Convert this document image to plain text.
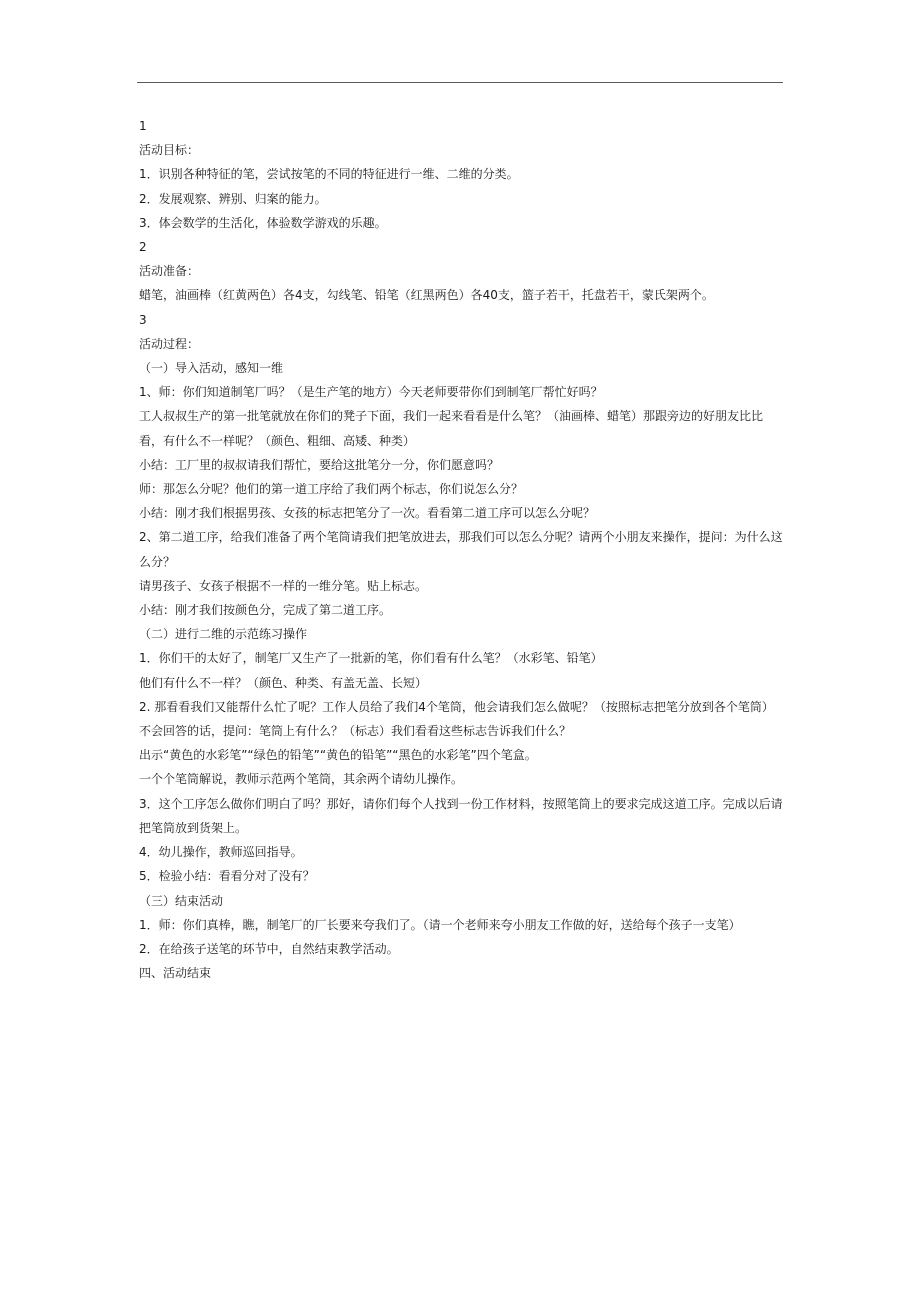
1
活动目标：
1．识别各种特征的笔，尝试按笔的不同的特征进行一维、二维的分类。
2．发展观察、辨别、归案的能力。
3．体会数学的生活化，体验数学游戏的乐趣。
2
活动准备：
蜡笔，油画棒（红黄两色）各4支，勾线笔、铅笔（红黑两色）各40支，篮子若干，托盘若干，蒙氏架两个。
3
活动过程：
（一）导入活动，感知一维
1、师：你们知道制笔厂吗？（是生产笔的地方）今天老师要带你们到制笔厂帮忙好吗？
工人叔叔生产的第一批笔就放在你们的凳子下面，我们一起来看看是什么笔？（油画棒、蜡笔）那跟旁边的好朋友比比看，有什么不一样呢？（颜色、粗细、高矮、种类）
小结：工厂里的叔叔请我们帮忙，要给这批笔分一分，你们愿意吗？
师：那怎么分呢？他们的第一道工序给了我们两个标志，你们说怎么分？
小结：刚才我们根据男孩、女孩的标志把笔分了一次。看看第二道工序可以怎么分呢？
2、第二道工序，给我们准备了两个笔筒请我们把笔放进去，那我们可以怎么分呢？请两个小朋友来操作，提问：为什么这么分？
请男孩子、女孩子根据不一样的一维分笔。贴上标志。
小结：刚才我们按颜色分，完成了第二道工序。
（二）进行二维的示范练习操作
1．你们干的太好了，制笔厂又生产了一批新的笔，你们看有什么笔？（水彩笔、铅笔）
他们有什么不一样？（颜色、种类、有盖无盖、长短）
2. 那看看我们又能帮什么忙了呢？工作人员给了我们4个笔筒，他会请我们怎么做呢？（按照标志把笔分放到各个笔筒）
不会回答的话，提问：笔筒上有什么？（标志）我们看看这些标志告诉我们什么？
出示“黄色的水彩笔”“绿色的铅笔”“黄色的铅笔”“黑色的水彩笔”四个笔盒。
一个个笔筒解说，教师示范两个笔筒，其余两个请幼儿操作。
3．这个工序怎么做你们明白了吗？那好，请你们每个人找到一份工作材料，按照笔筒上的要求完成这道工序。完成以后请把笔筒放到货架上。
4．幼儿操作，教师巡回指导。
5．检验小结：看看分对了没有？
（三）结束活动
1．师：你们真棒，瞧，制笔厂的厂长要来夸我们了。（请一个老师来夸小朋友工作做的好，送给每个孩子一支笔）
2．在给孩子送笔的环节中，自然结束教学活动。
四、活动结束
